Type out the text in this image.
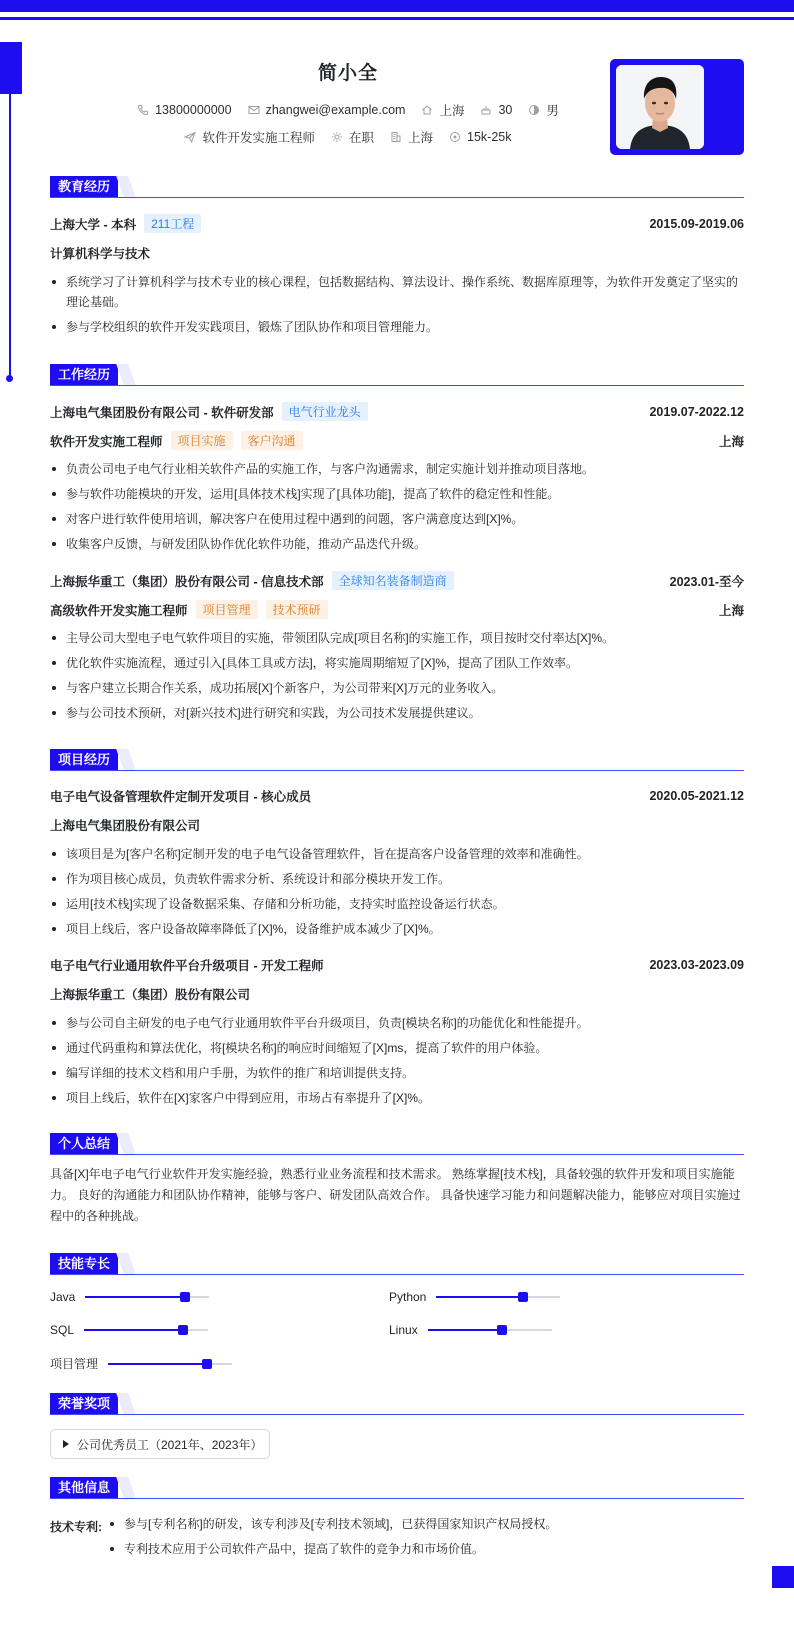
简小全
13800000000	zhangwei@example.com	上海	30	男
软件开发实施工程师	在职	上海	15k-25k
教育经历
上海大学 - 本科	211工程	2015.09-2019.06
计算机科学与技术
系统学习了计算机科学与技术专业的核心课程，包括数据结构、算法设计、操作系统、数据库原理等，为软件开发奠定了坚实的理论基础。
参与学校组织的软件开发实践项目，锻炼了团队协作和项目管理能力。
工作经历
上海电气集团股份有限公司 - 软件研发部	电气行业龙头	2019.07-2022.12
软件开发实施工程师	项目实施	客户沟通	上海
负责公司电子电气行业相关软件产品的实施工作，与客户沟通需求，制定实施计划并推动项目落地。
参与软件功能模块的开发，运用[具体技术栈]实现了[具体功能]，提高了软件的稳定性和性能。
对客户进行软件使用培训，解决客户在使用过程中遇到的问题，客户满意度达到[X]%。
收集客户反馈，与研发团队协作优化软件功能，推动产品迭代升级。
上海振华重工（集团）股份有限公司 - 信息技术部	全球知名装备制造商	2023.01-至今
高级软件开发实施工程师	项目管理	技术预研	上海
主导公司大型电子电气软件项目的实施，带领团队完成[项目名称]的实施工作，项目按时交付率达[X]%。
优化软件实施流程，通过引入[具体工具或方法]，将实施周期缩短了[X]%，提高了团队工作效率。
与客户建立长期合作关系，成功拓展[X]个新客户，为公司带来[X]万元的业务收入。
参与公司技术预研，对[新兴技术]进行研究和实践，为公司技术发展提供建议。
项目经历
电子电气设备管理软件定制开发项目 - 核心成员	2020.05-2021.12
上海电气集团股份有限公司
该项目是为[客户名称]定制开发的电子电气设备管理软件，旨在提高客户设备管理的效率和准确性。
作为项目核心成员，负责软件需求分析、系统设计和部分模块开发工作。
运用[技术栈]实现了设备数据采集、存储和分析功能，支持实时监控设备运行状态。
项目上线后，客户设备故障率降低了[X]%，设备维护成本减少了[X]%。
电子电气行业通用软件平台升级项目 - 开发工程师	2023.03-2023.09
上海振华重工（集团）股份有限公司
参与公司自主研发的电子电气行业通用软件平台升级项目，负责[模块名称]的功能优化和性能提升。
通过代码重构和算法优化，将[模块名称]的响应时间缩短了[X]ms，提高了软件的用户体验。
编写详细的技术文档和用户手册，为软件的推广和培训提供支持。
项目上线后，软件在[X]家客户中得到应用，市场占有率提升了[X]%。
个人总结
具备[X]年电子电气行业软件开发实施经验，熟悉行业业务流程和技术需求。 熟练掌握[技术栈]，具备较强的软件开发和项目实施能力。 良好的沟通能力和团队协作精神，能够与客户、研发团队高效合作。 具备快速学习能力和问题解决能力，能够应对项目实施过程中的各种挑战。
技能专长
Java	Python
SQL	Linux
项目管理
荣誉奖项
公司优秀员工（2021年、2023年）
其他信息
技术专利:	参与[专利名称]的研发，该专利涉及[专利技术领域]，已获得国家知识产权局授权。
专利技术应用于公司软件产品中，提高了软件的竞争力和市场价值。
